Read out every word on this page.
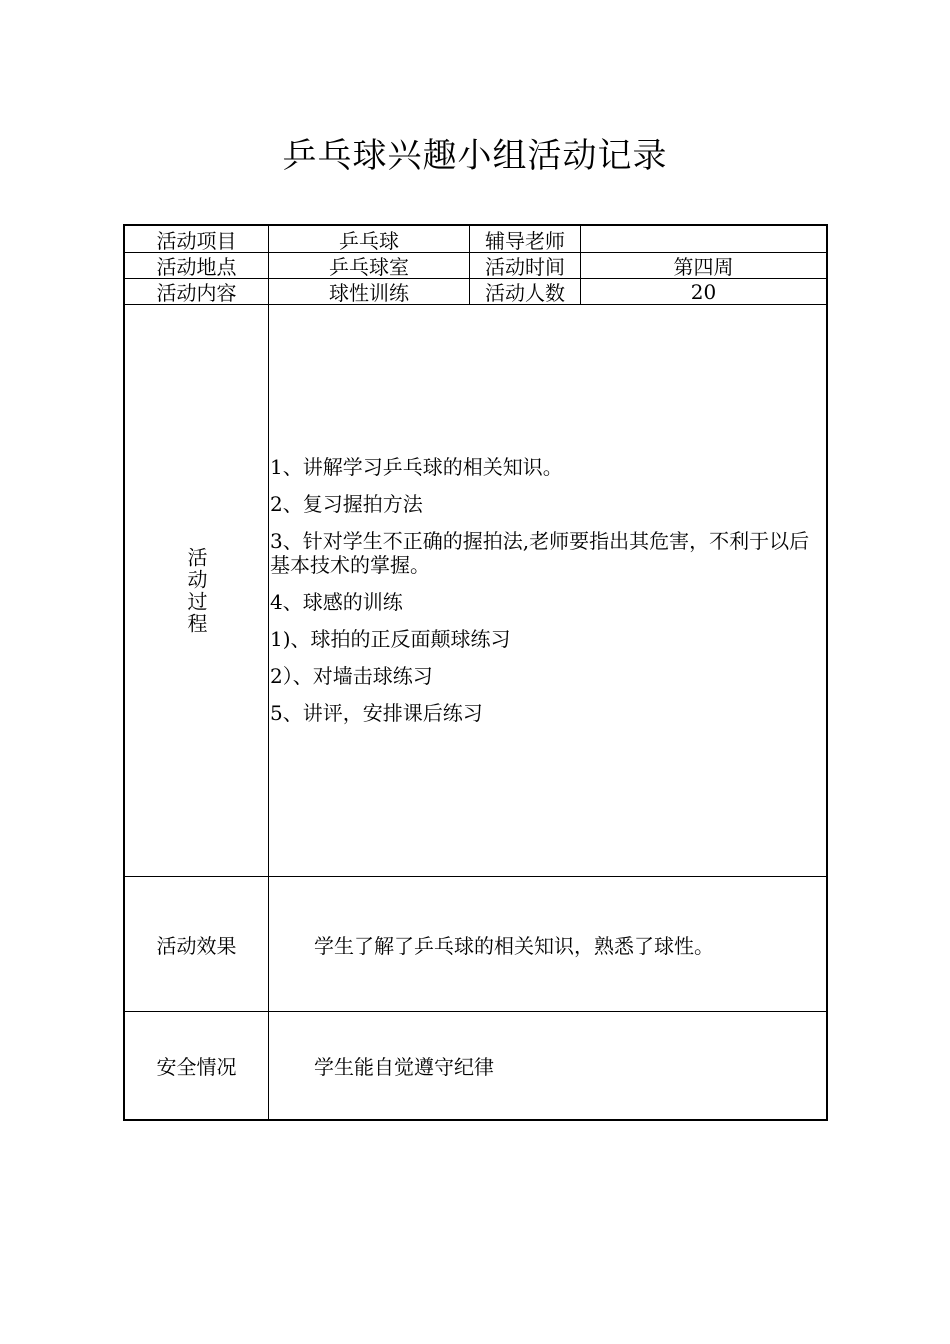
乒乓球兴趣小组活动记录
活动项目	乒乓球	辅导老师
活动地点	乒乓球室	活动时间	第四周
活动内容	球性训练	活动人数	20
活动过程
1、讲解学习乒乓球的相关知识。
2、复习握拍方法
3、针对学生不正确的握拍法,老师要指出其危害，不利于以后基本技术的掌握。
4、球感的训练
1)、球拍的正反面颠球练习
2）、对墙击球练习
5、讲评，安排课后练习
活动效果	学生了解了乒乓球的相关知识，熟悉了球性。
安全情况	学生能自觉遵守纪律
